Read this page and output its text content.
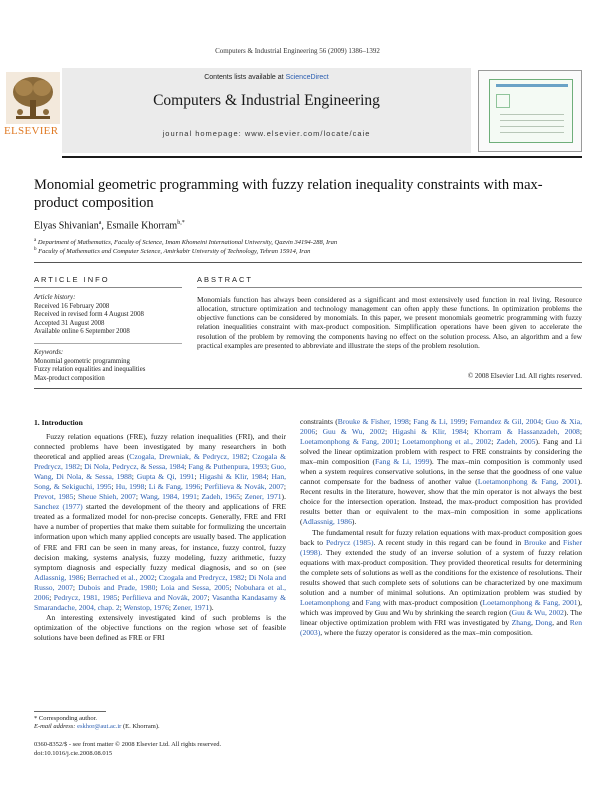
Computers & Industrial Engineering 56 (2009) 1386–1392
ELSEVIER
Contents lists available at ScienceDirect
Computers & Industrial Engineering
journal homepage: www.elsevier.com/locate/caie
Monomial geometric programming with fuzzy relation inequality constraints with max-product composition
Elyas Shivanian$^a$, Esmaile Khorram$^{b,*}$
$^a$ Department of Mathematics, Faculty of Science, Imam Khomeini International University, Qazvin 34194-288, Iran
$^b$ Faculty of Mathematics and Computer Science, Amirkabir University of Technology, Tehran 15914, Iran
ARTICLE INFO	ABSTRACT
Article history:
Received 16 February 2008
Received in revised form 4 August 2008
Accepted 31 August 2008
Available online 6 September 2008
Keywords:
Monomial geometric programming
Fuzzy relation equalities and inequalities
Max-product composition
Monomials function has always been considered as a significant and most extensively used function in real living. Resource allocation, structure optimization and technology management can often apply these functions. In optimization problems the objective functions can be considered by monomials. In this paper, we present monomials geometric programming with fuzzy relation inequalities constraint with max-product composition. Simplification operations have been given to accelerate the resolution of the problem by removing the components having no effect on the solution process. Also, an algorithm and a few practical examples are presented to abbreviate and illustrate the steps of the problem resolution.
© 2008 Elsevier Ltd. All rights reserved.
1. Introduction

Fuzzy relation equations (FRE), fuzzy relation inequalities (FRI), and their connected problems have been investigated by many researchers in both theoretical and applied areas (Czogala, Drewniak, & Pedrycz, 1982; Czogala & Predrycz, 1982; Di Nola, Pedrycz, & Sessa, 1984; Fang & Puthenpura, 1993; Guo, Wang, Di Nola, & Sessa, 1988; Gupta & Qi, 1991; Higashi & Klir, 1984; Han, Song, & Sekiguchi, 1995; Hu, 1998; Li & Fang, 1996; Perfilieva & Novák, 2007; Prevot, 1985; Sheue Shieh, 2007; Wang, 1984, 1991; Zadeh, 1965; Zener, 1971). Sanchez (1977) started the development of the theory and applications of FRE treated as a formalized model for non-precise concepts. Generally, FRE and FRI have a number of properties that make them suitable for formulizing the uncertain information upon which many applied concepts are usually based. The application of FRE and FRI can be seen in many areas, for instance, fuzzy control, fuzzy decision making, systems analysis, fuzzy modeling, fuzzy arithmetic, fuzzy symptom diagnosis and especially fuzzy medical diagnosis, and so on (see Adlassnig, 1986; Berrached et al., 2002; Czogala and Predrycz, 1982; Di Nola and Russo, 2007; Dubois and Prade, 1980; Loia and Sessa, 2005; Nobuhara et al., 2006; Pedrycz, 1981, 1985; Perfilieva and Novák, 2007; Vasantha Kandasamy & Smarandache, 2004, chap. 2; Wenstop, 1976; Zener, 1971).

An interesting extensively investigated kind of such problems is the optimization of the objective functions on the region whose set of feasible solutions have been defined as FRE or FRI

constraints (Brouke & Fisher, 1998; Fang & Li, 1999; Fernandez & Gil, 2004; Guo & Xia, 2006; Guu & Wu, 2002; Higashi & Klir, 1984; Khorram & Hassanzadeh, 2008; Loetamonphong & Fang, 2001; Loetamonphong et al., 2002; Zadeh, 2005). Fang and Li solved the linear optimization problem with respect to FRE constraints by considering the max–min composition (Fang & Li, 1999). The max–min composition is commonly used when a system requires conservative solutions, in the sense that the goodness of one value cannot compensate for the badness of another value (Loetamonphong & Fang, 2001). Recent results in the literature, however, show that the min operator is not always the best choice for the intersection operation. Instead, the max-product composition has provided results better than or equivalent to the max–min composition in some applications (Adlassnig, 1986).

The fundamental result for fuzzy relation equations with max-product composition goes back to Pedrycz (1985). A recent study in this regard can be found in Brouke and Fisher (1998). They extended the study of an inverse solution of a system of fuzzy relation equations with max-product composition. They provided theoretical results for determining the complete sets of solutions as well as the conditions for the existence of resolutions. Their results showed that such complete sets of solutions can be characterized by one maximum solution and a number of minimal solutions. An optimization problem was studied by Loetamonphong and Fang with max-product composition (Loetamonphong & Fang, 2001), which was improved by Guu and Wu by shrinking the search region (Guu & Wu, 2002). The linear objective optimization problem with FRI was investigated by Zhang, Dong, and Ren (2003), where the fuzzy operator is considered as the max–min composition.

* Corresponding author.
E-mail address: eskhor@aut.ac.ir (E. Khorram).
0360-8352/$ - see front matter © 2008 Elsevier Ltd. All rights reserved.
doi:10.1016/j.cie.2008.08.015
